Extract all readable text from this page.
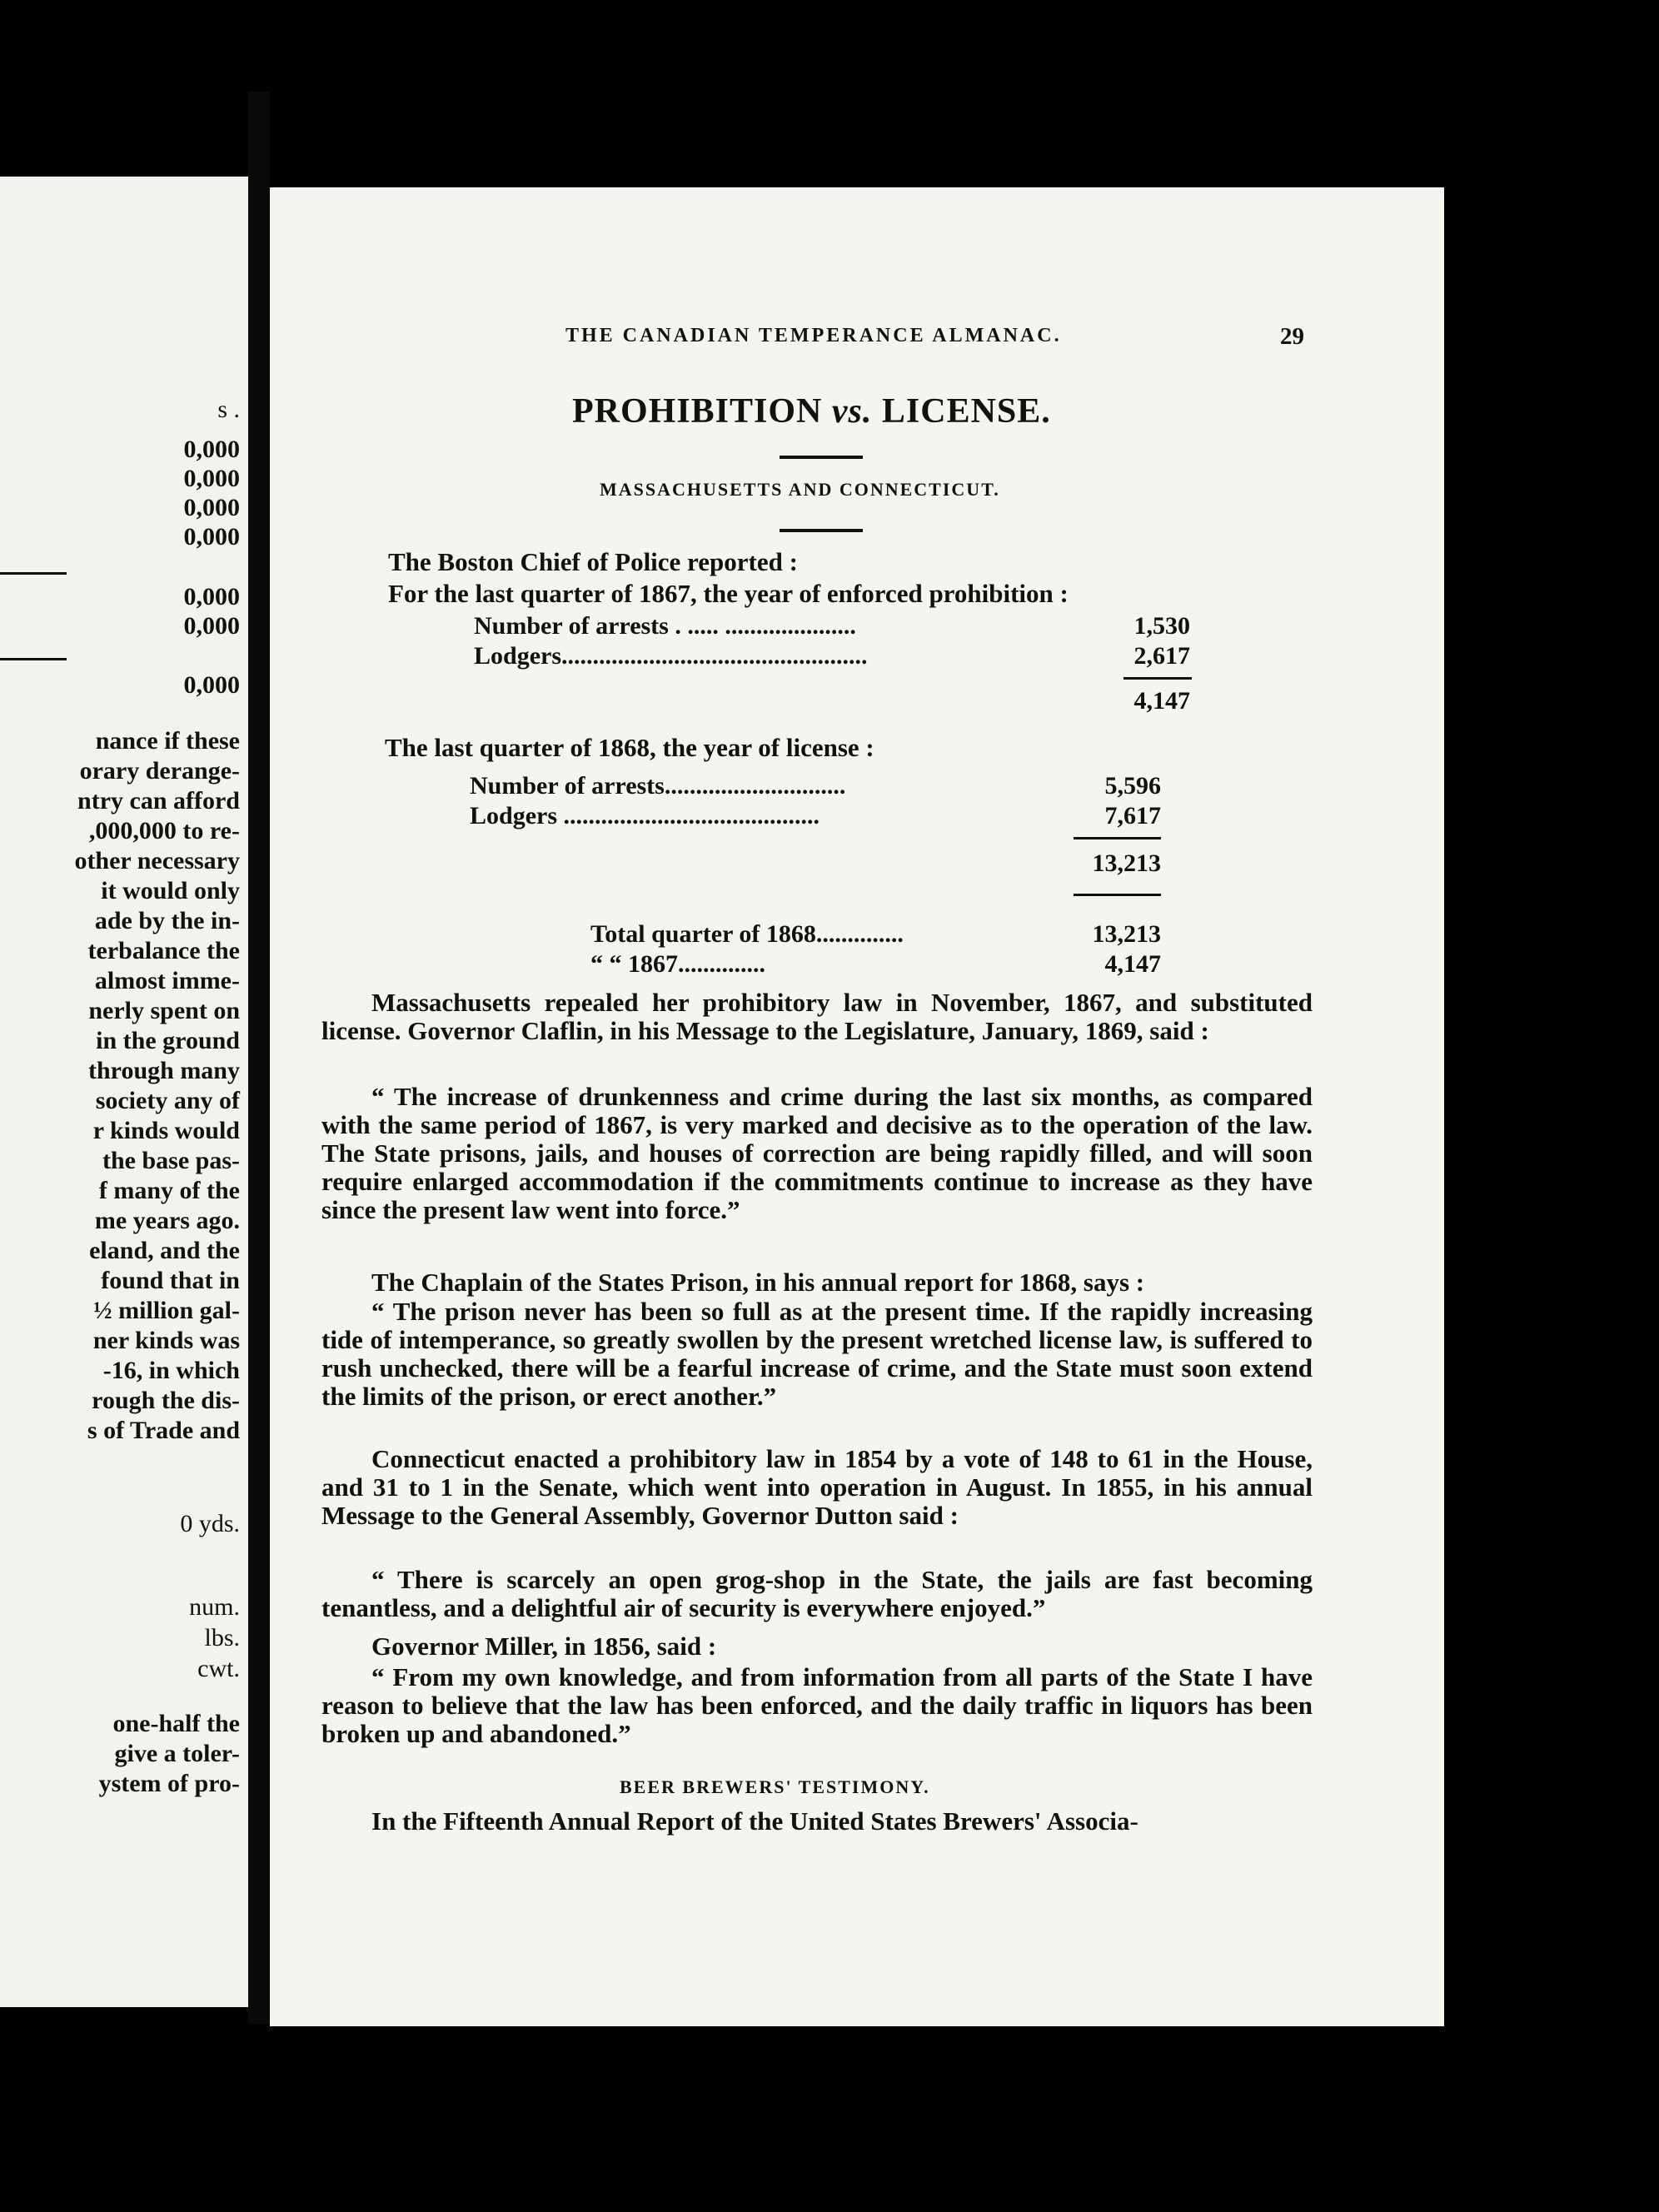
s .
0,000
0,000
0,000
0,000
0,000
0,000
0,000
nance if these
orary derange-
ntry can afford
,000,000 to re-
other necessary
it would only
ade by the in-
terbalance the
almost imme-
nerly spent on
in the ground
through many
society any of
r kinds would
the base pas-
f many of the
me years ago.
eland, and the
found that in
½ million gal-
ner kinds was
-16, in which
rough the dis-
s of Trade and
0 yds.
num.
lbs.
cwt.
one-half the
give a toler-
ystem of pro-
THE CANADIAN TEMPERANCE ALMANAC.	29
PROHIBITION vs. LICENSE.
MASSACHUSETTS AND CONNECTICUT.
The Boston Chief of Police reported :
For the last quarter of 1867, the year of enforced prohibition :
Number of arrests . ..... .....................	1,530
Lodgers.................................................	2,617
4,147
The last quarter of 1868, the year of license :
Number of arrests.............................	5,596
Lodgers .........................................	7,617
13,213
Total quarter of 1868..............	13,213
“ “ 1867..............	4,147
Massachusetts repealed her prohibitory law in November, 1867, and substituted license. Governor Claflin, in his Message to the Legislature, January, 1869, said :
“ The increase of drunkenness and crime during the last six months, as compared with the same period of 1867, is very marked and decisive as to the operation of the law. The State prisons, jails, and houses of correction are being rapidly filled, and will soon require enlarged accommodation if the commitments continue to increase as they have since the present law went into force.”
The Chaplain of the States Prison, in his annual report for 1868, says :
“ The prison never has been so full as at the present time. If the rapidly increasing tide of intemperance, so greatly swollen by the present wretched license law, is suffered to rush unchecked, there will be a fearful increase of crime, and the State must soon extend the limits of the prison, or erect another.”
Connecticut enacted a prohibitory law in 1854 by a vote of 148 to 61 in the House, and 31 to 1 in the Senate, which went into operation in August. In 1855, in his annual Message to the General Assembly, Governor Dutton said :
“ There is scarcely an open grog-shop in the State, the jails are fast becoming tenantless, and a delightful air of security is everywhere enjoyed.”
Governor Miller, in 1856, said :
“ From my own knowledge, and from information from all parts of the State I have reason to believe that the law has been enforced, and the daily traffic in liquors has been broken up and abandoned.”
BEER BREWERS' TESTIMONY.
In the Fifteenth Annual Report of the United States Brewers' Associa-
